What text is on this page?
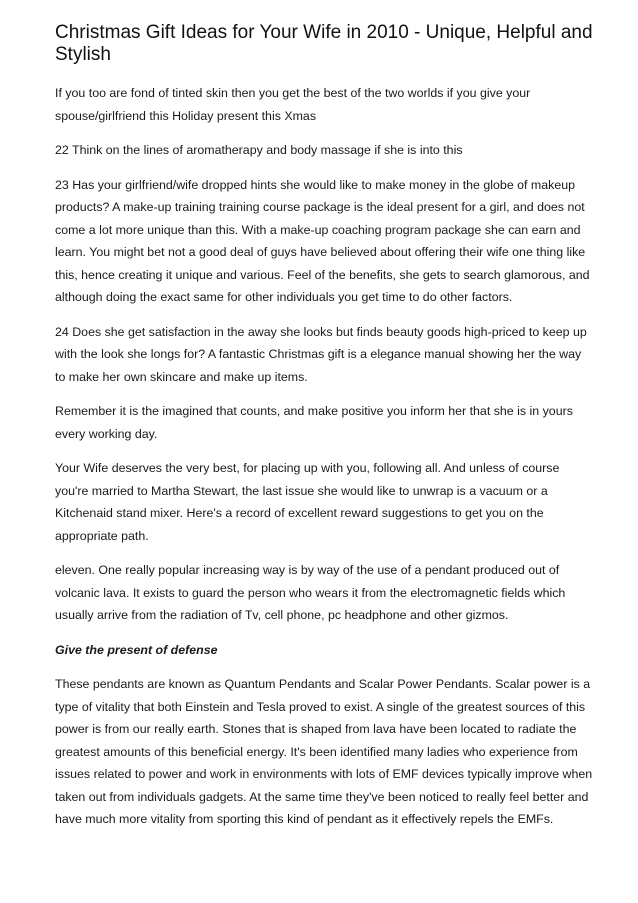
Christmas Gift Ideas for Your Wife in 2010 - Unique, Helpful and Stylish

If you too are fond of tinted skin then you get the best of the two worlds if you give your spouse/girlfriend this Holiday present this Xmas

22 Think on the lines of aromatherapy and body massage if she is into this

23 Has your girlfriend/wife dropped hints she would like to make money in the globe of makeup products? A make-up training training course package is the ideal present for a girl, and does not come a lot more unique than this. With a make-up coaching program package she can earn and learn. You might bet not a good deal of guys have believed about offering their wife one thing like this, hence creating it unique and various. Feel of the benefits, she gets to search glamorous, and although doing the exact same for other individuals you get time to do other factors.

24 Does she get satisfaction in the away she looks but finds beauty goods high-priced to keep up with the look she longs for? A fantastic Christmas gift is a elegance manual showing her the way to make her own skincare and make up items.

Remember it is the imagined that counts, and make positive you inform her that she is in yours every working day.

Your Wife deserves the very best, for placing up with you, following all. And unless of course you're married to Martha Stewart, the last issue she would like to unwrap is a vacuum or a Kitchenaid stand mixer. Here's a record of excellent reward suggestions to get you on the appropriate path.

eleven. One really popular increasing way is by way of the use of a pendant produced out of volcanic lava. It exists to guard the person who wears it from the electromagnetic fields which usually arrive from the radiation of Tv, cell phone, pc headphone and other gizmos.

Give the present of defense

These pendants are known as Quantum Pendants and Scalar Power Pendants. Scalar power is a type of vitality that both Einstein and Tesla proved to exist. A single of the greatest sources of this power is from our really earth. Stones that is shaped from lava have been located to radiate the greatest amounts of this beneficial energy. It's been identified many ladies who experience from issues related to power and work in environments with lots of EMF devices typically improve when taken out from individuals gadgets. At the same time they've been noticed to really feel better and have much more vitality from sporting this kind of pendant as it effectively repels the EMFs.
